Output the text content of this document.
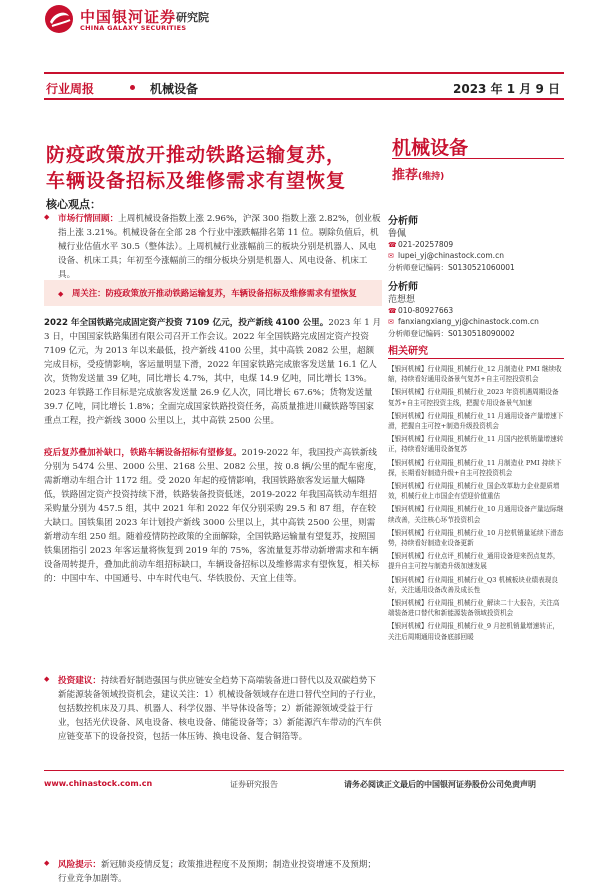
中国银河证券
CHINA GALAXY SECURITIES
研究院
行业周报	机械设备	2023 年 1 月 9 日
防疫政策放开推动铁路运输复苏，
车辆设备招标及维修需求有望恢复
核心观点：
机械设备
推荐(维持)

◆ 市场行情回顾：上周机械设备指数上涨 2.96%，沪深 300 指数上涨 2.82%，创业板指上涨 3.21%。机械设备在全部 28 个行业中涨跌幅排名第 11 位。剔除负值后，机械行业估值水平 30.5（整体法）。上周机械行业涨幅前三的板块分别是机器人、风电设备、机床工具；年初至今涨幅前三的细分板块分别是机器人、风电设备、机床工具。

◆ 周关注：防疫政策放开推动铁路运输复苏，车辆设备招标及维修需求有望恢复

2022 年全国铁路完成固定资产投资 7109 亿元，投产新线 4100 公里。2023 年 1 月 3 日，中国国家铁路集团有限公司召开工作会议。2022 年全国铁路完成固定资产投资 7109 亿元，为 2013 年以来最低，投产新线 4100 公里，其中高铁 2082 公里，超额完成目标，受疫情影响，客运量明显下滑，2022 年国家铁路完成旅客发送量 16.1 亿人次，货物发送量 39 亿吨，同比增长 4.7%，其中，电煤 14.9 亿吨，同比增长 13%。2023 年铁路工作目标是完成旅客发送量 26.9 亿人次，同比增长 67.6%；货物发送量 39.7 亿吨，同比增长 1.8%；全面完成国家铁路投资任务，高质量推进川藏铁路等国家重点工程，投产新线 3000 公里以上，其中高铁 2500 公里。

疫后复苏叠加补缺口，铁路车辆设备招标有望修复。2019-2022 年，我国投产高铁新线分别为 5474 公里、2000 公里、2168 公里、2082 公里，按 0.8 辆/公里的配车密度，需新增动车组合计 1172 组。受 2020 年起的疫情影响，我国铁路旅客发运量大幅降低，铁路固定资产投资持续下滑，铁路装备投资低迷，2019-2022 年我国高铁动车组招采购量分别为 457.5 组，其中 2021 年和 2022 年仅分别采购 29.5 和 87 组，存在较大缺口。国铁集团 2023 年计划投产新线 3000 公里以上，其中高铁 2500 公里，则需新增动车组 250 组。随着疫情防控政策的全面解除，全国铁路运输量有望复苏，按照国铁集团指引 2023 年客运量将恢复到 2019 年的 75%，客流量复苏带动新增需求和车辆设备周转提升，叠加此前动车组招标缺口，车辆设备招标以及维修需求有望恢复，相关标的：中国中车、中国通号、中车时代电气、华铁股份、天宜上佳等。

◆ 投资建议：持续看好制造强国与供应链安全趋势下高端装备进口替代以及双碳趋势下新能源装备领域投资机会，建议关注：1）机械设备领域存在进口替代空间的子行业，包括数控机床及刀具、机器人、科学仪器、半导体设备等；2）新能源领域受益于行业，包括光伏设备、风电设备、核电设备、储能设备等；3）新能源汽车带动的汽车供应链变革下的设备投资，包括一体压铸、换电设备、复合铜箔等。

◆ 风险提示：新冠肺炎疫情反复；政策推进程度不及预期；制造业投资增速不及预期；行业竞争加剧等。

分析师
鲁佩
☎021-20257809
✉ lupei_yj@chinastock.com.cn
分析师登记编码：S0130521060001
分析师
范想想
☎010-80927663
✉ fanxiangxiang_yj@chinastock.com.cn
分析师登记编码：S0130518090002
相关研究
【银河机械】行业周报_机械行业_12 月制造业 PMI 继续收缩，持续看好通用设备景气复苏+自主可控投资机会
【银河机械】行业周报_机械行业_2023 年资机遇周期设备复苏+自主可控投资主线，把握专用设备景气加速
【银河机械】行业周报_机械行业_11 月通用设备产量增速下滑，把握自主可控+制造升级投资机会
【银河机械】行业周报_机械行业_11 月国内挖机销量增速转正，持续看好通用设备复苏
【银河机械】行业周报_机械行业_11 月制造业 PMI 持续下探，长期看好制造升级+自主可控投资机会
【银河机械】行业周报_机械行业_国企改革助力企业提质增效，机械行业上市国企有望迎价值重估
【银河机械】行业周报_机械行业_10 月通用设备产量边际继续改善，关注核心环节投资机会
【银河机械】行业周报_机械行业_10 月挖机销量延续下滑态势，持续看好制造业设备更新
【银河机械】行业点评_机械行业_通用设备迎来拐点复苏，提升自主可控与制造升级加速发展
【银河机械】行业周报_机械行业_Q3 机械板块业绩表现良好，关注通用设备改善及成长性
【银河机械】行业周报_机械行业_解读二十大报告，关注高端装备进口替代和新能源装备领域投资机会
【银河机械】行业周报_机械行业_9 月挖机销量增速转正，关注后周期通用设备底部回暖
www.chinastock.com.cn	证券研究报告	请务必阅读正文最后的中国银河证券股份公司免责声明
